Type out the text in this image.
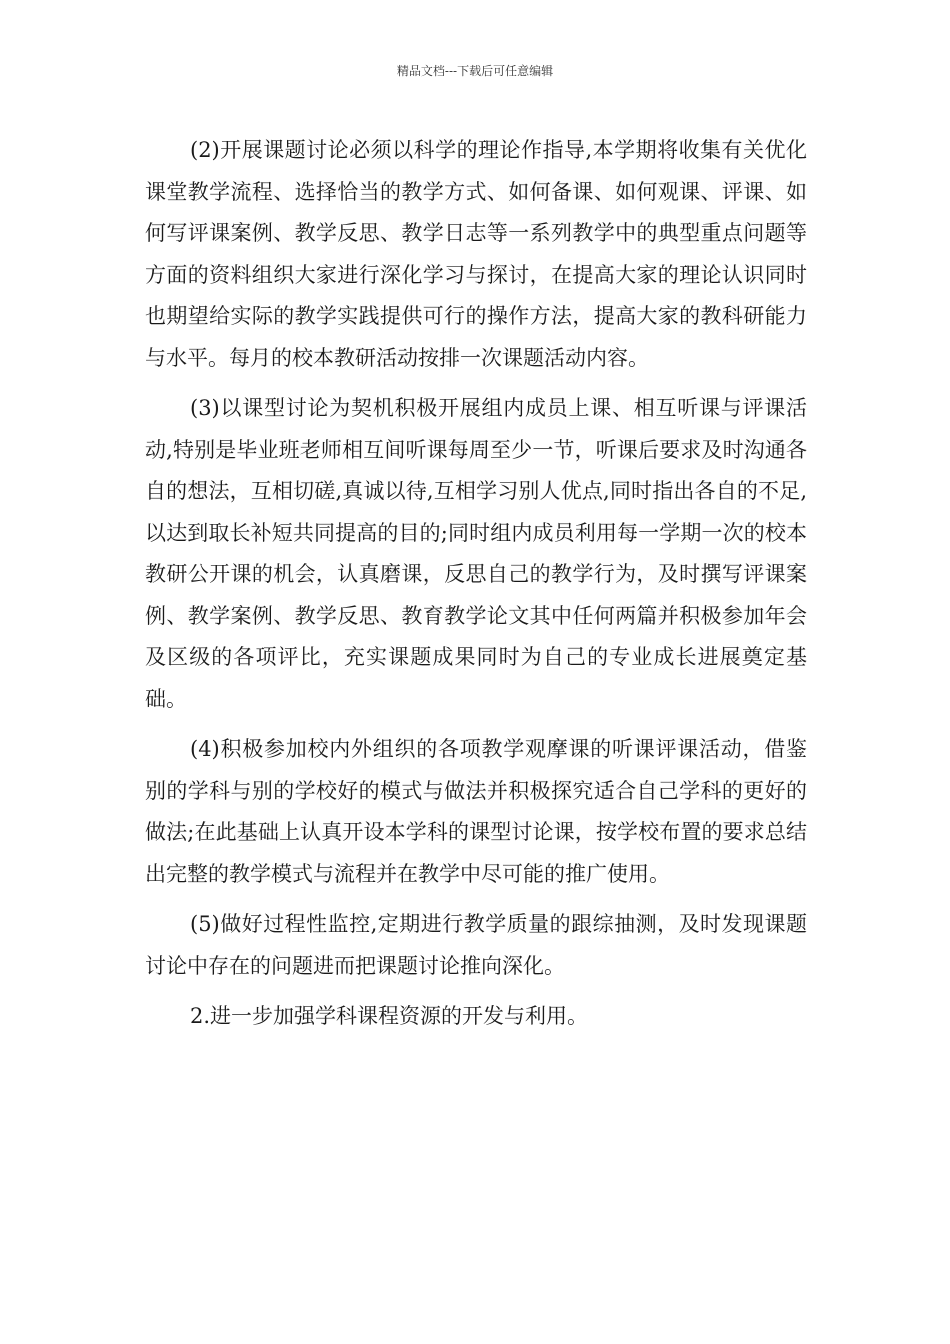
精品文档---下载后可任意编辑

(2)开展课题讨论必须以科学的理论作指导,本学期将收集有关优化课堂教学流程、选择恰当的教学方式、如何备课、如何观课、评课、如何写评课案例、教学反思、教学日志等一系列教学中的典型重点问题等方面的资料组织大家进行深化学习与探讨，在提高大家的理论认识同时也期望给实际的教学实践提供可行的操作方法，提高大家的教科研能力与水平。每月的校本教研活动按排一次课题活动内容。

(3)以课型讨论为契机积极开展组内成员上课、相互听课与评课活动,特别是毕业班老师相互间听课每周至少一节，听课后要求及时沟通各自的想法，互相切磋,真诚以待,互相学习别人优点,同时指出各自的不足,以达到取长补短共同提高的目的;同时组内成员利用每一学期一次的校本教研公开课的机会，认真磨课，反思自己的教学行为，及时撰写评课案例、教学案例、教学反思、教育教学论文其中任何两篇并积极参加年会及区级的各项评比，充实课题成果同时为自己的专业成长进展奠定基础。

(4)积极参加校内外组织的各项教学观摩课的听课评课活动，借鉴别的学科与别的学校好的模式与做法并积极探究适合自己学科的更好的做法;在此基础上认真开设本学科的课型讨论课，按学校布置的要求总结出完整的教学模式与流程并在教学中尽可能的推广使用。

(5)做好过程性监控,定期进行教学质量的跟综抽测，及时发现课题讨论中存在的问题进而把课题讨论推向深化。

2.进一步加强学科课程资源的开发与利用。
